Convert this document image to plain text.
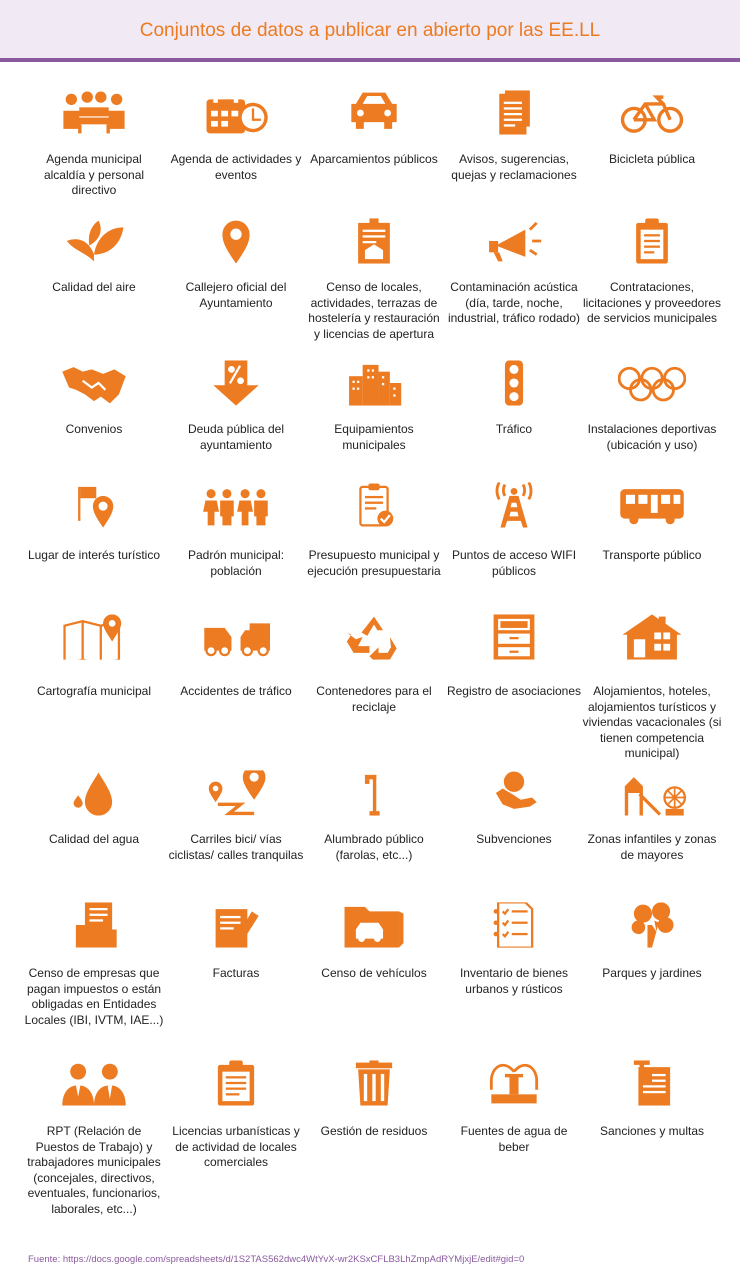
Conjuntos de datos a publicar en abierto por las EE.LL
Agenda municipal alcaldía y personal directivo
Agenda de actividades y eventos
Aparcamientos públicos	Avisos, sugerencias, quejas y reclamaciones
Bicicleta pública
Calidad del aire	Callejero oficial del Ayuntamiento
Censo de locales, actividades, terrazas de hostelería y restauración y licencias de apertura
Contaminación acústica (día, tarde, noche, industrial, tráfico rodado)
Contrataciones, licitaciones y proveedores de servicios municipales
Convenios	Deuda pública del ayuntamiento
Equipamientos municipales
Tráfico	Instalaciones deportivas (ubicación y uso)
Lugar de interés turístico	Padrón municipal: población
Presupuesto municipal y ejecución presupuestaria
Puntos de acceso WIFI públicos
Transporte público
Cartografía municipal	Accidentes de tráfico	Contenedores para el reciclaje
Registro de asociaciones	Alojamientos, hoteles, alojamientos turísticos y viviendas vacacionales (si tienen competencia municipal)
Calidad del agua	Carriles bici/ vías ciclistas/ calles tranquilas
Alumbrado público (farolas, etc...)
Subvenciones	Zonas infantiles y zonas de mayores
Censo de empresas que pagan impuestos o están obligadas en Entidades Locales (IBI, IVTM, IAE...)
Facturas	Censo de vehículos	Inventario de bienes urbanos y rústicos
Parques y jardines
RPT (Relación de Puestos de Trabajo) y trabajadores municipales (concejales, directivos, eventuales, funcionarios, laborales, etc...)
Licencias urbanísticas y de actividad de locales comerciales
Gestión de residuos	Fuentes de agua de beber
Sanciones y multas
Fuente: https://docs.google.com/spreadsheets/d/1S2TAS562dwc4WtYvX-wr2KSxCFLB3LhZmpAdRYMjxjE/edit#gid=0
